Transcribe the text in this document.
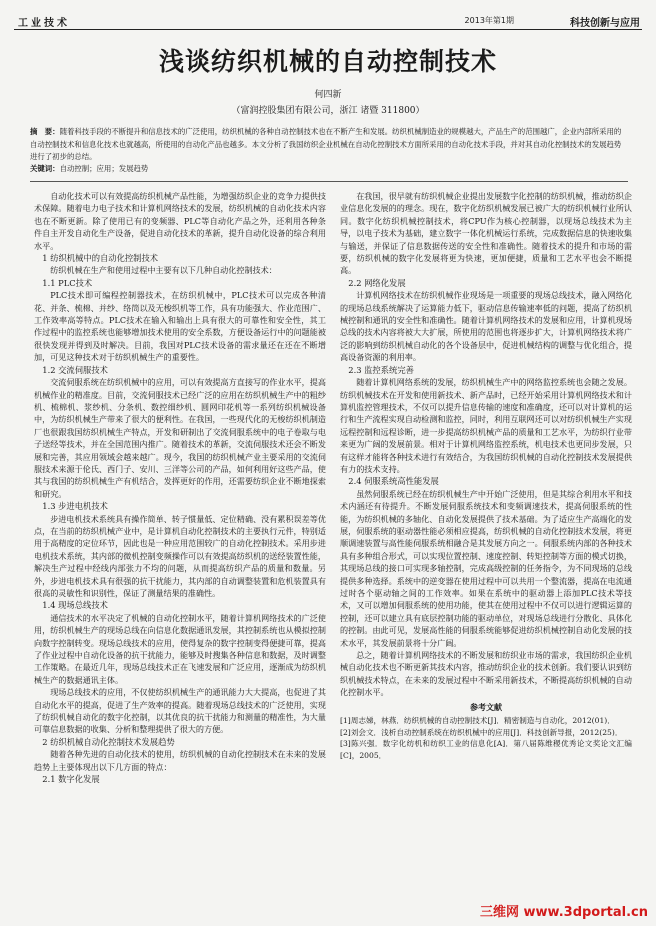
工业技术	2013年第1期	科技创新与应用
浅谈纺织机械的自动控制技术
何四新
（富润控股集团有限公司，浙江 诸暨 311800）
摘　要：随着科技手段的不断提升和信息技术的广泛使用，纺织机械的各种自动控制技术也在不断产生和发展。纺织机械制造业的规模越大，产品生产的范围越广，企业内部所采用的自动控制技术和信息化技术也就越高，所使用的自动化产品也越多。本文分析了我国纺织企业机械在自动化控制技术方面所采用的自动化技术手段，并对其自动化控制技术的发展趋势进行了初步的总结。
关键词：自动控制；应用；发展趋势

自动化技术可以有效提高纺织机械产品性能，为增强纺织企业的竞争力提供技术保障。随着电力电子技术和计算机网络技术的发展，纺织机械的自动化技术内容也在不断更新。除了使用已有的变频器、PLC等自动化产品之外，还利用各种条件自主开发自动化生产设备，促进自动化技术的革新，提升自动化设备的综合利用水平。

1 纺织机械中的自动化控制技术

纺织机械在生产和使用过程中主要有以下几种自动化控制技术：

1.1 PLC技术

PLC技术即可编程控制器技术，在纺织机械中，PLC技术可以完成各种清花、并条、梳棉、并纱、络筒以及无梭织机等工作，具有功能强大、作业范围广、工作效率高等特点。PLC技术在输入和输出上具有很大的可靠性和安全性，其工作过程中的监控系统也能够增加技术使用的安全系数，方便设备运行中的问题能被很快发现并得到及时解决。目前，我国对PLC技术设备的需求量还在还在不断增加，可见这种技术对于纺织机械生产的重要性。

1.2 交流伺服技术

交流伺服系统在纺织机械中的应用，可以有效提高方直接写的作业水平，提高机械作业的精准度。目前，交流伺服技术已经广泛的应用在纺织机械生产中的粗纱机、梳棉机、浆纱机、分条机、数控细纱机、圆网印花机等一系列纺织机械设备中，为纺织机械生产带来了很大的便利性。在我国，一些现代化的无梭纺织机制造厂也很跟我国纺织机械生产特点，开发和研制出了交流伺服系统中的电子卷取与电子送经等技术，并在全国范围内推广。随着技术的革新，交流伺服技术还会不断发展和完善，其应用领域会越来越广。现今，我国的纺织机械产业主要采用的交流伺服技术来源于伦氏、西门子、安川、三洋等公司的产品，如何利用好这些产品，使其与我国的纺织机械生产有机结合，发挥更好的作用，还需要纺织企业不断地探索和研究。

1.3 步进电机技术

步进电机技术系统具有操作简单、转子惯量低、定位精确、没有累积误差等优点，在当前的纺织机械产业中，是计算机自动化控制技术的主要执行元件，特别适用于高精度的定位环节，因此也是一种应用范围较广的自动化控制技术。采用步进电机技术系统，其内部的微机控制变频操作可以有效提高纺织机的送经装置性能，解决生产过程中经线内部张力不均的问题，从而提高纺织产品的质量和数量。另外，步进电机技术具有很强的抗干扰能力，其内部的自动调整装置和危机装置具有很高的灵敏性和识别性，保证了测量结果的准确性。

1.4 现场总线技术

通信技术的水平决定了机械的自动化控制水平，随着计算机网络技术的广泛使用，纺织机械生产的现场总线在向信息化数据通讯发展，其控制系统也从模拟控制向数字控制转变。现场总线技术的应用，使得复杂的数字控制变得便捷可靠，提高了作业过程中自动化设备的抗干扰能力，能够及时搜集各种信息和数据，及时调整工作策略。在最近几年，现场总线技术正在飞速发展和广泛应用，逐渐成为纺织机械生产的数据通讯主体。

现场总线技术的应用，不仅使纺织机械生产的通讯能力大大提高，也促进了其自动化水平的提高，促进了生产效率的提高。随着现场总线技术的广泛使用，实现了纺织机械自动化的数字化控制，以其优良的抗干扰能力和测量的精准性，为大量可靠信息数据的收集、分析和整理提供了很大的方便。

2 纺织机械自动化控制技术发展趋势

随着各种先进的自动化技术的使用，纺织机械的自动化控制技术在未来的发展趋势上主要体现出以下几方面的特点：

2.1 数字化发展

在我国，很早就有纺织机械企业提出发展数字化控制的纺织机械，推动纺织企业信息化发展的的理念。现在，数字化纺织机械发展已被广大的纺织机械行业所认同。数字化纺织机械控制技术，将CPU作为核心控制器，以现场总线技术为主导，以电子技术为基础，建立数字一体化机械运行系统，完成数据信息的快速收集与输送，并保证了信息数据传送的安全性和准确性。随着技术的提升和市场的需要，纺织机械的数字化发展将更为快速，更加便捷，质量和工艺水平也会不断提高。

2.2 网络化发展

计算机网络技术在纺织机械作业现场是一项重要的现场总线技术，融入网络化的现场总线系统解决了运算能力低下，驱动信息传输速率低的问题，提高了纺织机械控制和通讯的安全性和准确性。随着计算机网络技术的发展和应用，计算机现场总线的技术内容将被大大扩展，所使用的范围也将逐步扩大，计算机网络技术将广泛的影响到纺织机械自动化的各个设备层中，促进机械结构的调整与优化组合，提高设备资源的利用率。

2.3 监控系统完善

随着计算机网络系统的发展，纺织机械生产中的网络监控系统也会随之发展。纺织机械技术在开发和使用新技术、新产品时，已经开始采用计算机网络技术和计算机监控管理技术，不仅可以提升信息传输的速度和准确度，还可以对计算机的运行和生产流程实现自动检测和监控，同时，利用互联网还可以对纺织机械生产实现远程控制和远程诊断，进一步提高纺织机械产品的质量和工艺水平，为纺织行业带来更为广阔的发展前景。相对于计算机网络监控系统，机电技术也更同步发展，只有这样才能将各种技术进行有效结合，为我国纺织机械的自动化控制技术发展提供有力的技术支持。

2.4 伺服系统高性能发展

虽然伺服系统已经在纺织机械生产中开始广泛使用，但是其综合利用水平和技术内涵还有待提升。不断发展伺服系统技术和变频调速技术，提高伺服系统的性能，为纺织机械的多轴化、自动化发展提供了技术基础。为了适应生产高端化的发展，伺服系统的驱动器性能必须相应提高，纺织机械的自动化控制技术发展，将更顺调速装置与高性能伺服系统相融合是其发展方向之一。伺服系统内部的各种技术具有多种组合形式，可以实现位置控制、速度控制、转矩控制等方面的模式切换，其现场总线的接口可实现多轴控制，完成高级控制的任务指令，为不同现场的总线提供多种选择。系统中的逆变器在使用过程中可以共用一个整流器，提高在电流通过时各个驱动轴之间的工作效率。如果在系统中的驱动器上添加PLC技术等技术，又可以增加伺服系统的使用功能，使其在使用过程中不仅可以进行逻辑运算的控制，还可以建立具有底层控制功能的驱动单位，对现场总线进行分散化、具体化的控制。由此可见，发展高性能的伺服系统能够促进纺织机械控制自动化发展的技术水平，其发展前景将十分广阔。

总之，随着计算机网络技术的不断发展和纺织业市场的需求，我国纺织企业机械自动化技术也不断更新其技术内容，推动纺织企业的技术创新。我们要认识到纺织机械技术特点，在未来的发展过程中不断采用新技术，不断提高纺织机械的自动化控制水平。

参考文献
[1]周志娣，林燕．纺织机械的自动控制技术[J]．精密制造与自动化，2012(01)．
[2]刘会文．浅析自动控制系统在纺织机械中的应用[J]．科技创新导报，2012(25)．
[3]陈兴强．数字化纺机和纺织工业的信息化[A]．第八届陈维稷优秀论文奖论文汇编[C]，2005．
三维网 www.3dportal.cn
